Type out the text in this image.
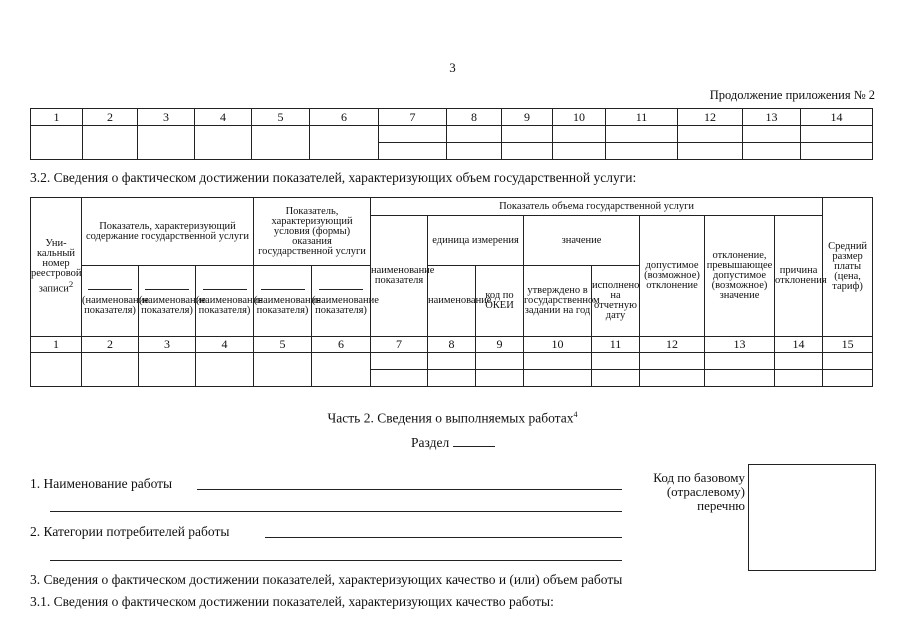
3
Продолжение приложения № 2
1	2	3	4	5	6	7	8	9	10	11	12	13	14

3.2. Сведения о фактическом достижении показателей, характеризующих объем государственной услуги:
Уни-кальный номер реестровой записи$^2$	Показатель, характеризующий содержание государственной услуги			Показатель, характеризующий условия (формы) оказания государственной услуги		Показатель объема государственной услуги								Средний размер платы (цена, тариф)
						наименование показателя	единица измерения		значение		допустимое (возможное) отклонение	отклонение, превышающее допустимое (возможное) значение	причина отклонения	

(наименование показателя)	(наименование показателя)	(наименование показателя)	(наименование показателя)	(наименование показателя)		наименование	код по ОКЕИ	утверждено в государственном задании на год	исполнено на отчетную дату				

1	2	3	4	5	6	7	8	9	10	11	12	13	14	15

Часть 2. Сведения о выполняемых работах$^4$
Раздел
1. Наименование работы
2. Категории потребителей работы
Код по базовому (отраслевому) перечню
3. Сведения о фактическом достижении показателей, характеризующих качество и (или) объем работы
3.1. Сведения о фактическом достижении показателей, характеризующих качество работы:
